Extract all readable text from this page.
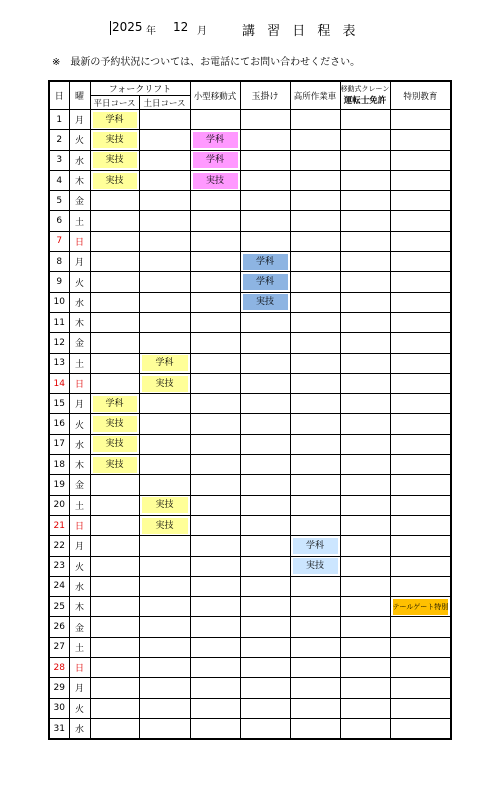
2025 年 12 月	講 習 日 程 表
※　最新の予約状況については、お電話にてお問い合わせください。
日	曜	フォークリフト		小型移動式	玉掛け	高所作業車	移動式クレーン
運転士免許	特別教育
		平日コース	土日コース					
1	月	学科						

2	火	実技		学科				

3	水	実技		学科				

4	木	実技		実技				

5	金							
6	土							
7	日							
8	月				学科			

9	火				学科			

10	水				実技			

11	木							
12	金							
13	土		学科					

14	日		実技					

15	月	学科						

16	火	実技						

17	水	実技						

18	木	実技						

19	金							
20	土		実技					

21	日		実技					

22	月					学科		

23	火					実技		

24	水							
25	木							テールゲート特別

26	金							
27	土							
28	日							
29	月							
30	火							
31	水							
